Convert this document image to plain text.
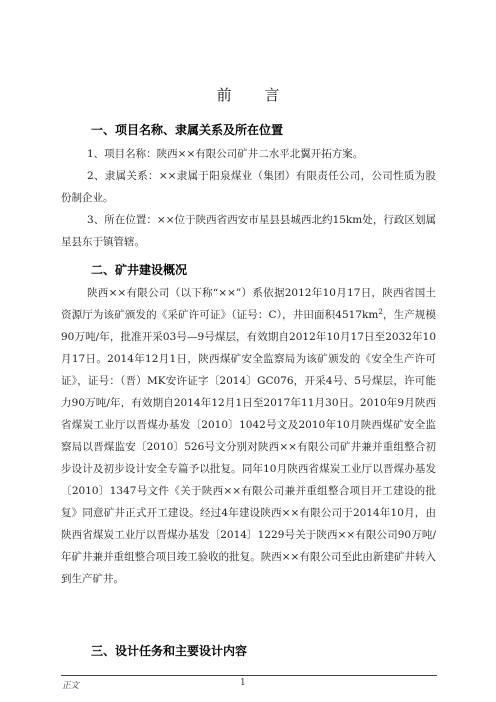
前 言
一、项目名称、隶属关系及所在位置
1、项目名称：陕西××有限公司矿井二水平北翼开拓方案。
2、隶属关系：××隶属于阳泉煤业（集团）有限责任公司，公司性质为股份制企业。
3、所在位置：××位于陕西省西安市星县县城西北约15km处，行政区划属星县东于镇管辖。
二、矿井建设概况
陕西××有限公司（以下称“××”）系依据2012年10月17日，陕西省国土资源厅为该矿颁发的《采矿许可证》（证号：C），井田面积$4517km^2$，生产规模90万吨/年，批准开采03号—9号煤层，有效期自2012年10月17日至2032年10月17日。2014年12月1日，陕西煤矿安全监察局为该矿颁发的《安全生产许可证》，证号：（晋）MK安许证字〔2014〕GC076，开采4号、5号煤层，许可能力90万吨/年，有效期自2014年12月1日至2017年11月30日。2010年9月陕西省煤炭工业厅以晋煤办基发〔2010〕1042号文及2010年10月陕西煤矿安全监察局以晋煤监安〔2010〕526号文分别对陕西××有限公司矿井兼并重组整合初步设计及初步设计安全专篇予以批复。同年10月陕西省煤炭工业厅以晋煤办基发〔2010〕1347号文件《关于陕西××有限公司兼并重组整合项目开工建设的批复》同意矿井正式开工建设。经过4年建设陕西××有限公司于2014年10月，由陕西省煤炭工业厅以晋煤办基发〔2014〕1229号关于陕西××有限公司90万吨/年矿井兼并重组整合项目竣工验收的批复。陕西××有限公司至此由新建矿井转入到生产矿井。
三、设计任务和主要设计内容
正文	1
